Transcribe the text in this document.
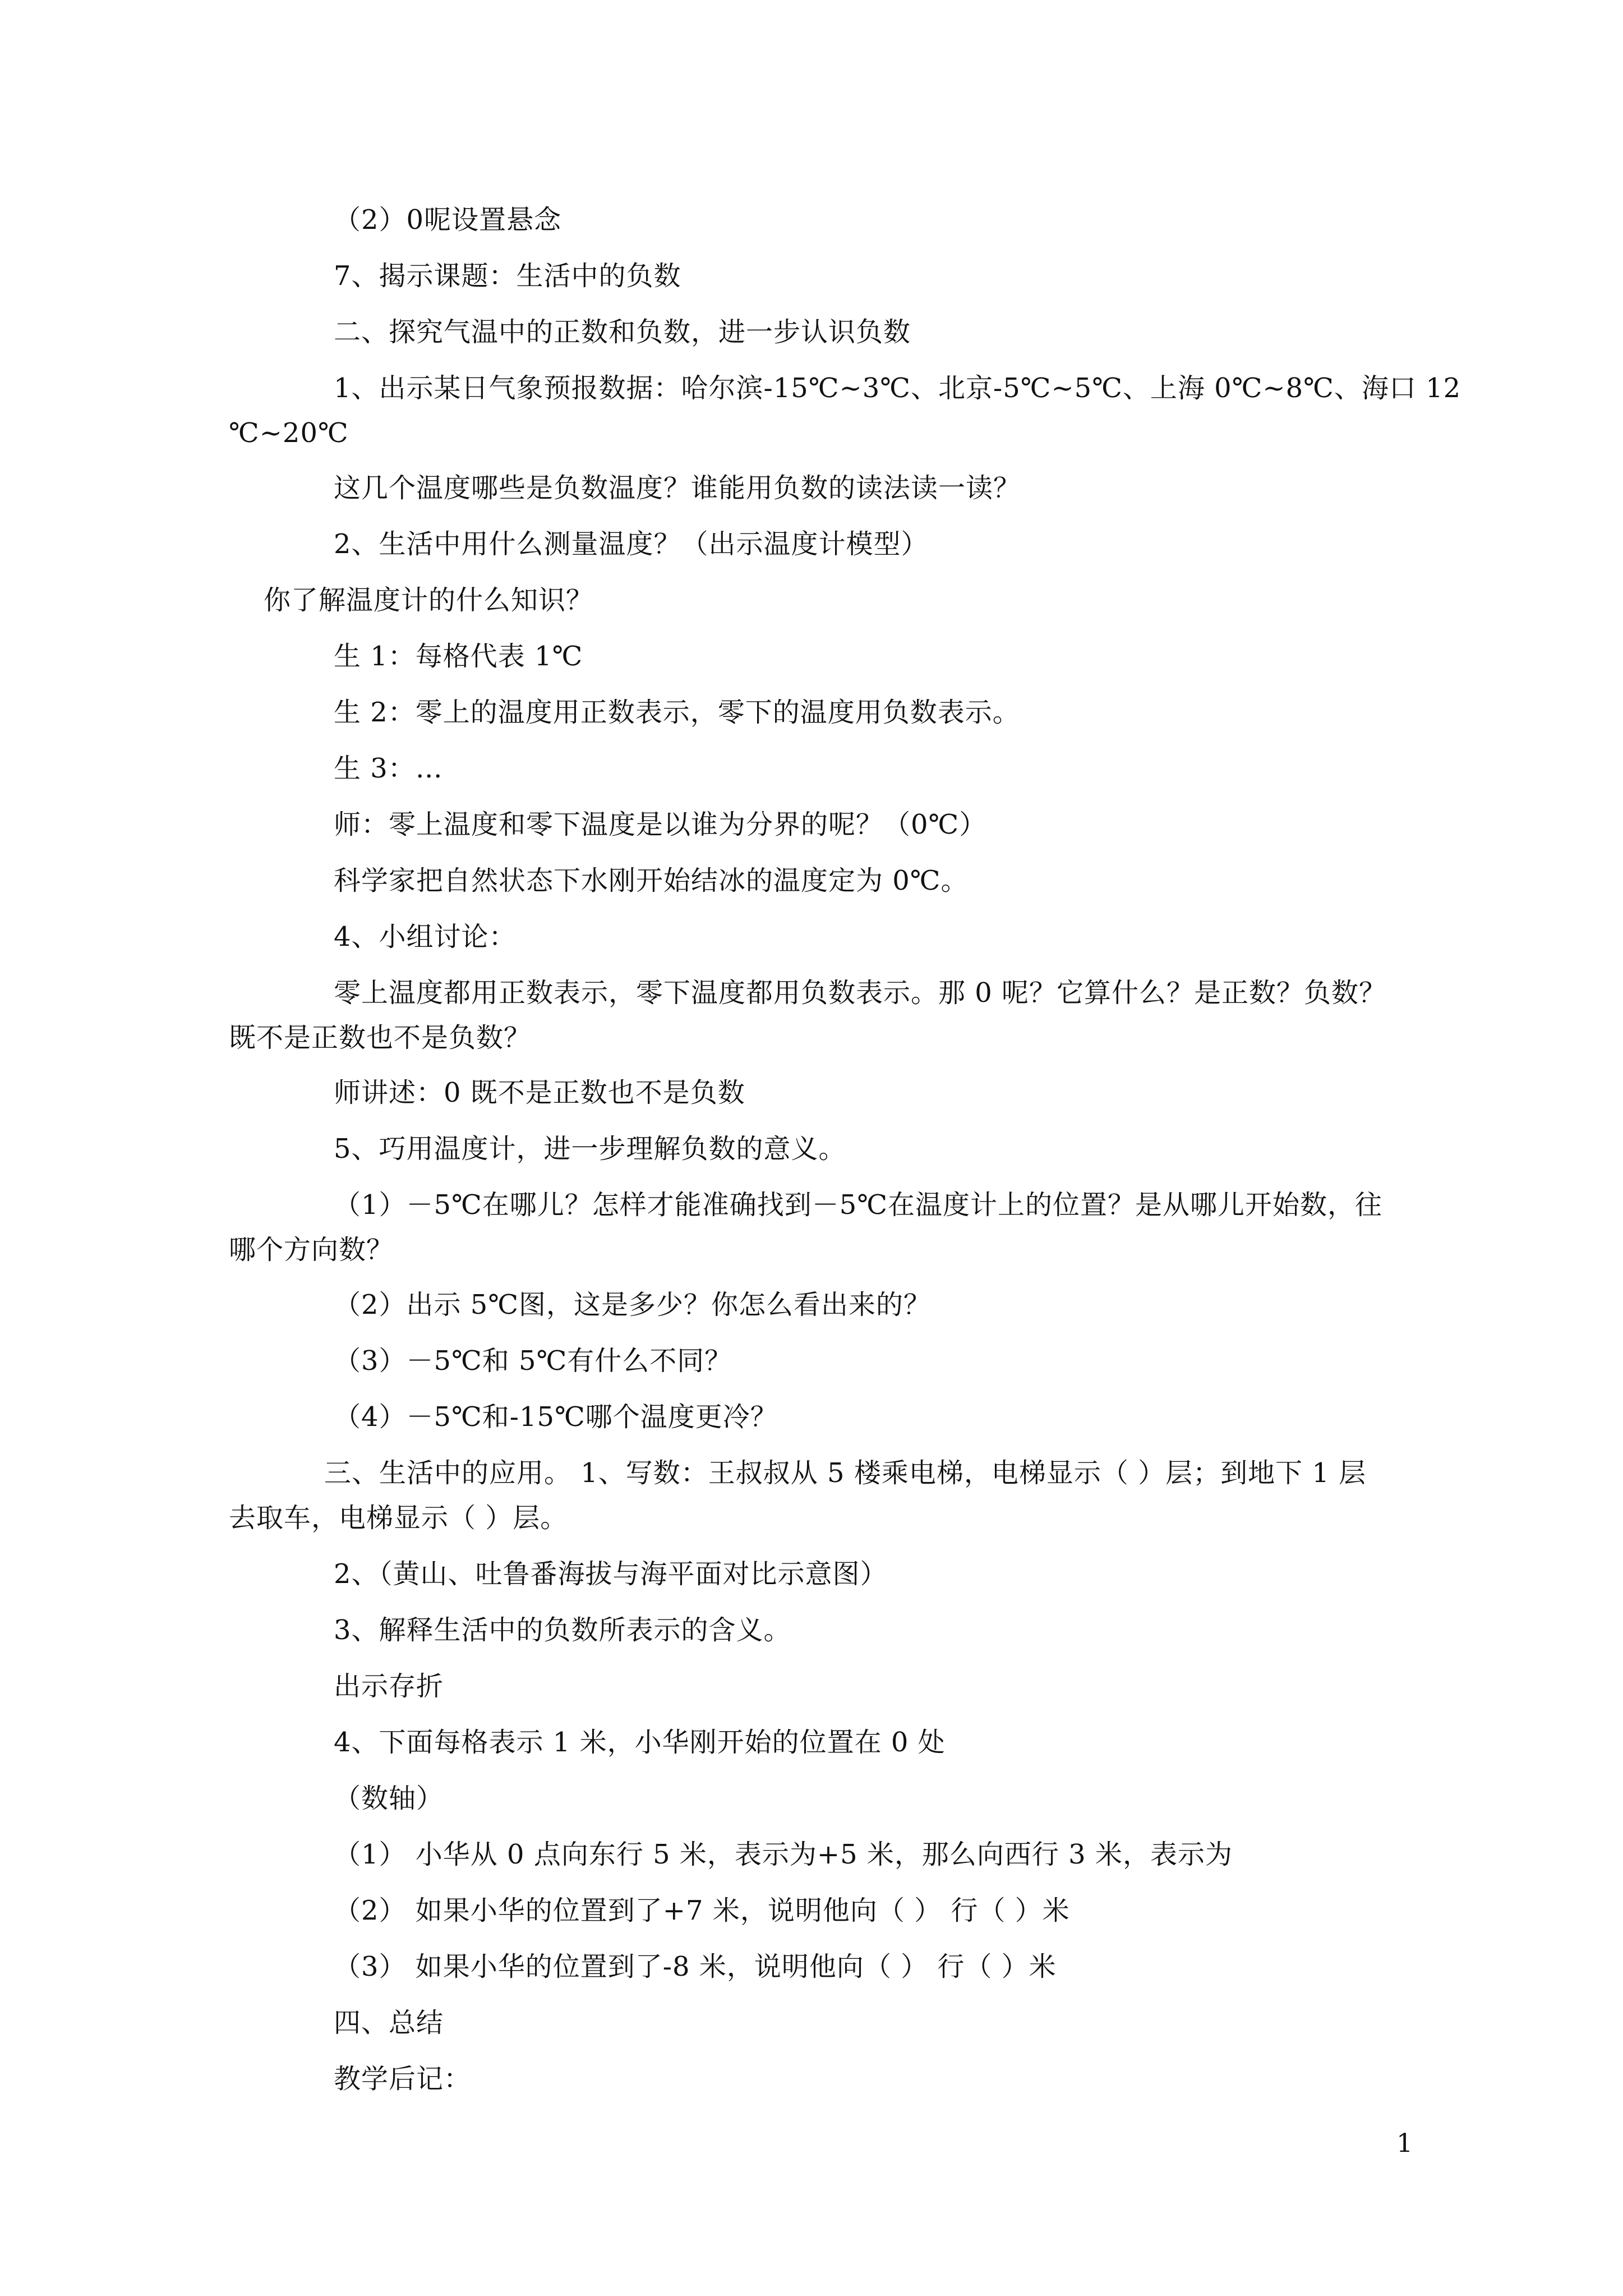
（2）0呢设置悬念
7、揭示课题：生活中的负数
二、探究气温中的正数和负数，进一步认识负数
1、出示某日气象预报数据：哈尔滨-15℃~3℃、北京-5℃~5℃、上海 0℃~8℃、海口 12
℃~20℃
这几个温度哪些是负数温度？谁能用负数的读法读一读？
2、生活中用什么测量温度？（出示温度计模型）
你了解温度计的什么知识？
生 1：每格代表 1℃
生 2：零上的温度用正数表示，零下的温度用负数表示。
生 3：…
师：零上温度和零下温度是以谁为分界的呢？（0℃）
科学家把自然状态下水刚开始结冰的温度定为 0℃。
4、小组讨论：
零上温度都用正数表示，零下温度都用负数表示。那 0 呢？它算什么？是正数？负数？
既不是正数也不是负数？
师讲述：0 既不是正数也不是负数
5、巧用温度计，进一步理解负数的意义。
（1）－5℃在哪儿？怎样才能准确找到－5℃在温度计上的位置？是从哪儿开始数，往
哪个方向数？
（2）出示 5℃图，这是多少？你怎么看出来的？
（3）－5℃和 5℃有什么不同？
（4）－5℃和-15℃哪个温度更冷？
三、生活中的应用。 1、写数：王叔叔从 5 楼乘电梯，电梯显示（ ）层；到地下 1 层
去取车，电梯显示（ ）层。
2、（黄山、吐鲁番海拔与海平面对比示意图）
3、解释生活中的负数所表示的含义。
出示存折
4、下面每格表示 1 米，小华刚开始的位置在 0 处
（数轴）
（1） 小华从 0 点向东行 5 米，表示为+5 米，那么向西行 3 米，表示为
（2） 如果小华的位置到了+7 米，说明他向（ ） 行（ ）米
（3） 如果小华的位置到了-8 米，说明他向（ ） 行（ ）米
四、总结
教学后记：
1
